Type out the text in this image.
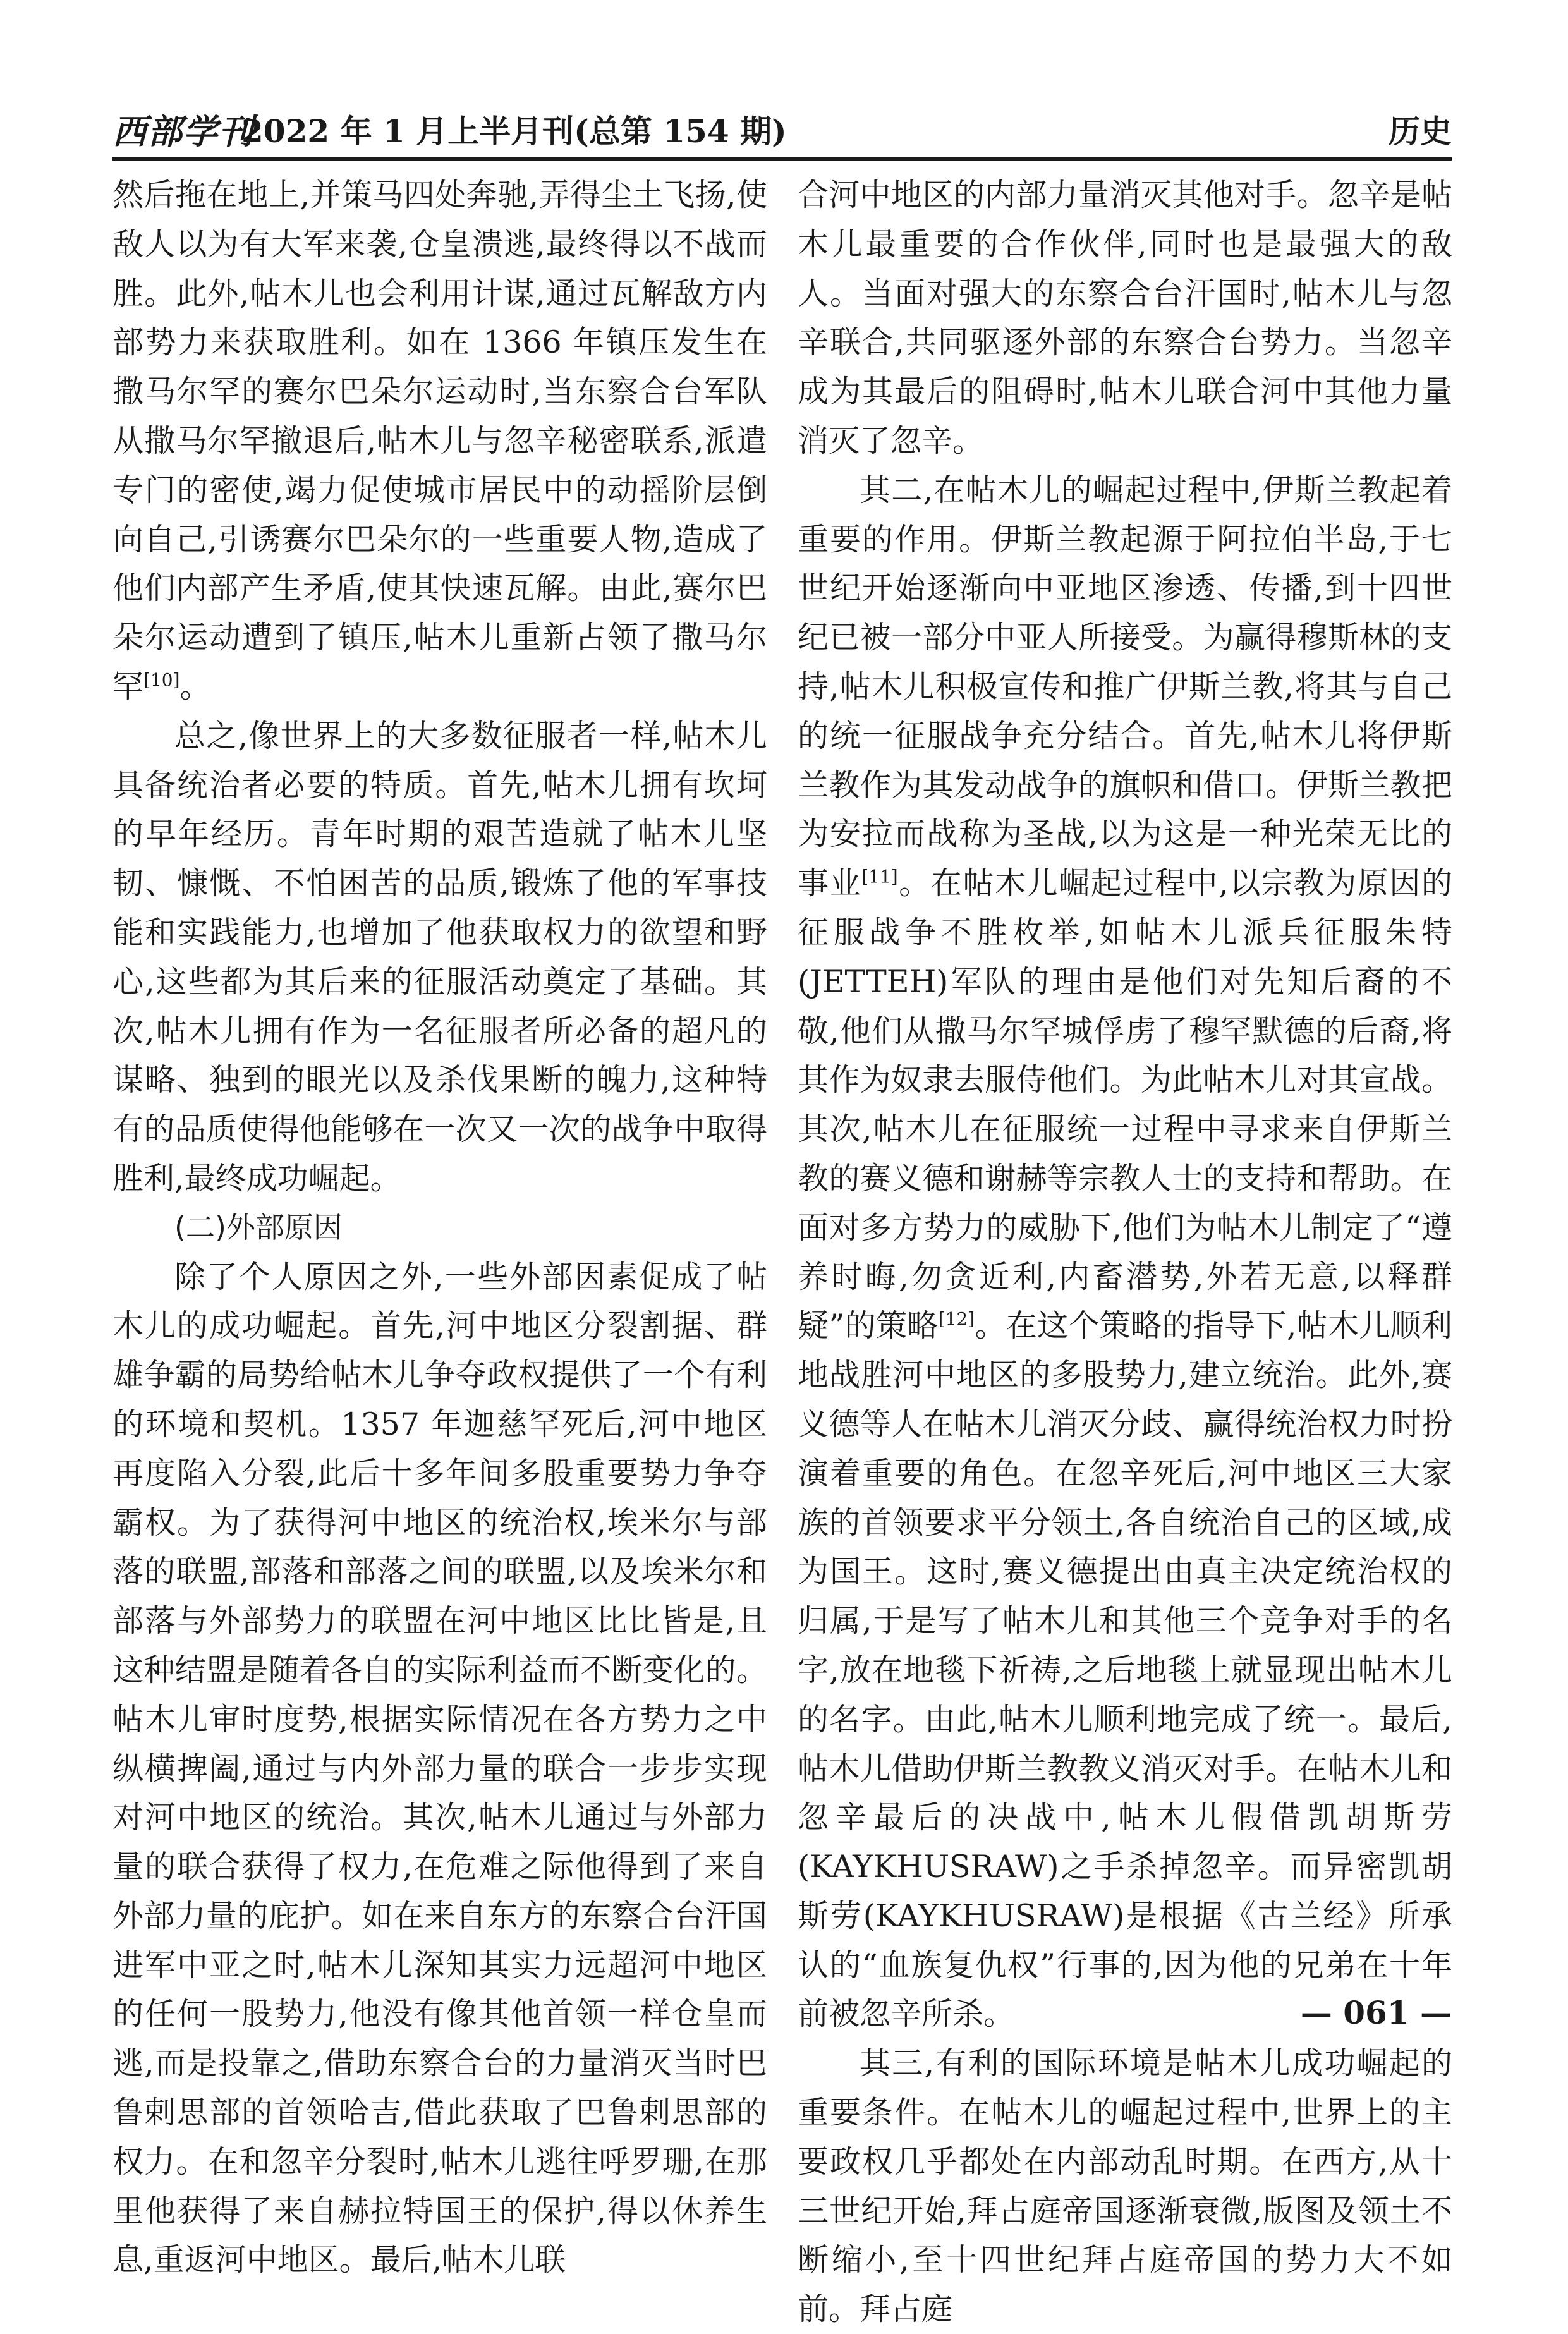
西部学刊
2022 年 1 月上半月刊(总第 154 期)	历史

然后拖在地上,并策马四处奔驰,弄得尘土飞扬,使敌人以为有大军来袭,仓皇溃逃,最终得以不战而胜。此外,帖木儿也会利用计谋,通过瓦解敌方内部势力来获取胜利。如在 1366 年镇压发生在撒马尔罕的赛尔巴朵尔运动时,当东察合台军队从撒马尔罕撤退后,帖木儿与忽辛秘密联系,派遣专门的密使,竭力促使城市居民中的动摇阶层倒向自己,引诱赛尔巴朵尔的一些重要人物,造成了他们内部产生矛盾,使其快速瓦解。由此,赛尔巴朵尔运动遭到了镇压,帖木儿重新占领了撒马尔罕[10]。

总之,像世界上的大多数征服者一样,帖木儿具备统治者必要的特质。首先,帖木儿拥有坎坷的早年经历。青年时期的艰苦造就了帖木儿坚韧、慷慨、不怕困苦的品质,锻炼了他的军事技能和实践能力,也增加了他获取权力的欲望和野心,这些都为其后来的征服活动奠定了基础。其次,帖木儿拥有作为一名征服者所必备的超凡的谋略、独到的眼光以及杀伐果断的魄力,这种特有的品质使得他能够在一次又一次的战争中取得胜利,最终成功崛起。

(二)外部原因

除了个人原因之外,一些外部因素促成了帖木儿的成功崛起。首先,河中地区分裂割据、群雄争霸的局势给帖木儿争夺政权提供了一个有利的环境和契机。1357 年迦慈罕死后,河中地区再度陷入分裂,此后十多年间多股重要势力争夺霸权。为了获得河中地区的统治权,埃米尔与部落的联盟,部落和部落之间的联盟,以及埃米尔和部落与外部势力的联盟在河中地区比比皆是,且这种结盟是随着各自的实际利益而不断变化的。帖木儿审时度势,根据实际情况在各方势力之中纵横捭阖,通过与内外部力量的联合一步步实现对河中地区的统治。其次,帖木儿通过与外部力量的联合获得了权力,在危难之际他得到了来自外部力量的庇护。如在来自东方的东察合台汗国进军中亚之时,帖木儿深知其实力远超河中地区的任何一股势力,他没有像其他首领一样仓皇而逃,而是投靠之,借助东察合台的力量消灭当时巴鲁剌思部的首领哈吉,借此获取了巴鲁剌思部的权力。在和忽辛分裂时,帖木儿逃往呼罗珊,在那里他获得了来自赫拉特国王的保护,得以休养生息,重返河中地区。最后,帖木儿联

合河中地区的内部力量消灭其他对手。忽辛是帖木儿最重要的合作伙伴,同时也是最强大的敌人。当面对强大的东察合台汗国时,帖木儿与忽辛联合,共同驱逐外部的东察合台势力。当忽辛成为其最后的阻碍时,帖木儿联合河中其他力量消灭了忽辛。

其二,在帖木儿的崛起过程中,伊斯兰教起着重要的作用。伊斯兰教起源于阿拉伯半岛,于七世纪开始逐渐向中亚地区渗透、传播,到十四世纪已被一部分中亚人所接受。为赢得穆斯林的支持,帖木儿积极宣传和推广伊斯兰教,将其与自己的统一征服战争充分结合。首先,帖木儿将伊斯兰教作为其发动战争的旗帜和借口。伊斯兰教把为安拉而战称为圣战,以为这是一种光荣无比的事业[11]。在帖木儿崛起过程中,以宗教为原因的征服战争不胜枚举,如帖木儿派兵征服朱特(JETTEH)军队的理由是他们对先知后裔的不敬,他们从撒马尔罕城俘虏了穆罕默德的后裔,将其作为奴隶去服侍他们。为此帖木儿对其宣战。其次,帖木儿在征服统一过程中寻求来自伊斯兰教的赛义德和谢赫等宗教人士的支持和帮助。在面对多方势力的威胁下,他们为帖木儿制定了“遵养时晦,勿贪近利,内畜潜势,外若无意,以释群疑”的策略[12]。在这个策略的指导下,帖木儿顺利地战胜河中地区的多股势力,建立统治。此外,赛义德等人在帖木儿消灭分歧、赢得统治权力时扮演着重要的角色。在忽辛死后,河中地区三大家族的首领要求平分领土,各自统治自己的区域,成为国王。这时,赛义德提出由真主决定统治权的归属,于是写了帖木儿和其他三个竞争对手的名字,放在地毯下祈祷,之后地毯上就显现出帖木儿的名字。由此,帖木儿顺利地完成了统一。最后,帖木儿借助伊斯兰教教义消灭对手。在帖木儿和忽辛最后的决战中,帖木儿假借凯胡斯劳(KAYKHUSRAW)之手杀掉忽辛。而异密凯胡斯劳(KAYKHUSRAW)是根据《古兰经》所承认的“血族复仇权”行事的,因为他的兄弟在十年前被忽辛所杀。

其三,有利的国际环境是帖木儿成功崛起的重要条件。在帖木儿的崛起过程中,世界上的主要政权几乎都处在内部动乱时期。在西方,从十三世纪开始,拜占庭帝国逐渐衰微,版图及领土不断缩小,至十四世纪拜占庭帝国的势力大不如前。拜占庭

— 061 —
